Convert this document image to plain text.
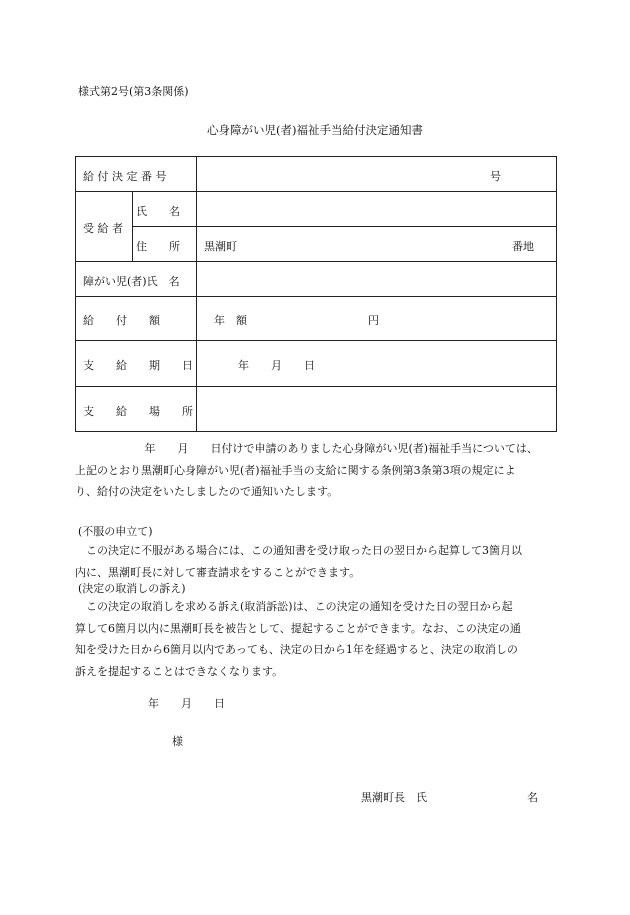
様式第2号(第3条関係)
心身障がい児(者)福祉手当給付決定通知書
給 付 決 定 番 号	号
受 給 者
氏　　名
住　　所 黒潮町	番地
障がい児(者)氏　名
給　　付　　額	年　額	円
支　　給　　期　　日	年　　月　　日
支　　給　　場　　所

　　　　　　 年　　月　　日付けで申請のありました心身障がい児(者)福祉手当については、

上記のとおり黒潮町心身障がい児(者)福祉手当の支給に関する条例第3条第3項の規定によ

り、給付の決定をいたしましたので通知いたします。

(不服の申立て)

　この決定に不服がある場合には、この通知書を受け取った日の翌日から起算して3箇月以

内に、黒潮町長に対して審査請求をすることができます。

(決定の取消しの訴え)

　この決定の取消しを求める訴え(取消訴訟)は、この決定の通知を受けた日の翌日から起

算して6箇月以内に黒潮町長を被告として、提起することができます。なお、この決定の通

知を受けた日から6箇月以内であっても、決定の日から1年を経過すると、決定の取消しの

訴えを提起することはできなくなります。

年　　月　　日
様
黒潮町長　氏	名
